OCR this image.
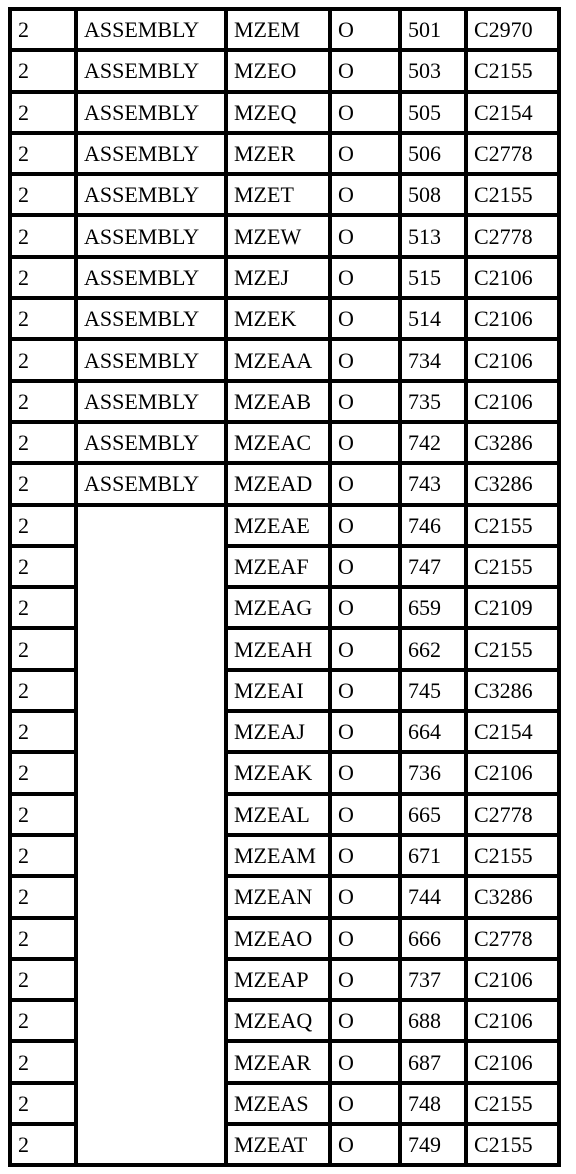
2	ASSEMBLY	MZEM	O	501	C2970
2	ASSEMBLY	MZEO	O	503	C2155
2	ASSEMBLY	MZEQ	O	505	C2154
2	ASSEMBLY	MZER	O	506	C2778
2	ASSEMBLY	MZET	O	508	C2155
2	ASSEMBLY	MZEW	O	513	C2778
2	ASSEMBLY	MZEJ	O	515	C2106
2	ASSEMBLY	MZEK	O	514	C2106
2	ASSEMBLY	MZEAA	O	734	C2106
2	ASSEMBLY	MZEAB	O	735	C2106
2	ASSEMBLY	MZEAC	O	742	C3286
2	ASSEMBLY	MZEAD	O	743	C3286
2		MZEAE	O	746	C2155
2		MZEAF	O	747	C2155
2		MZEAG	O	659	C2109
2		MZEAH	O	662	C2155
2		MZEAI	O	745	C3286
2		MZEAJ	O	664	C2154
2		MZEAK	O	736	C2106
2		MZEAL	O	665	C2778
2		MZEAM	O	671	C2155
2		MZEAN	O	744	C3286
2		MZEAO	O	666	C2778
2		MZEAP	O	737	C2106
2		MZEAQ	O	688	C2106
2		MZEAR	O	687	C2106
2		MZEAS	O	748	C2155
2		MZEAT	O	749	C2155
